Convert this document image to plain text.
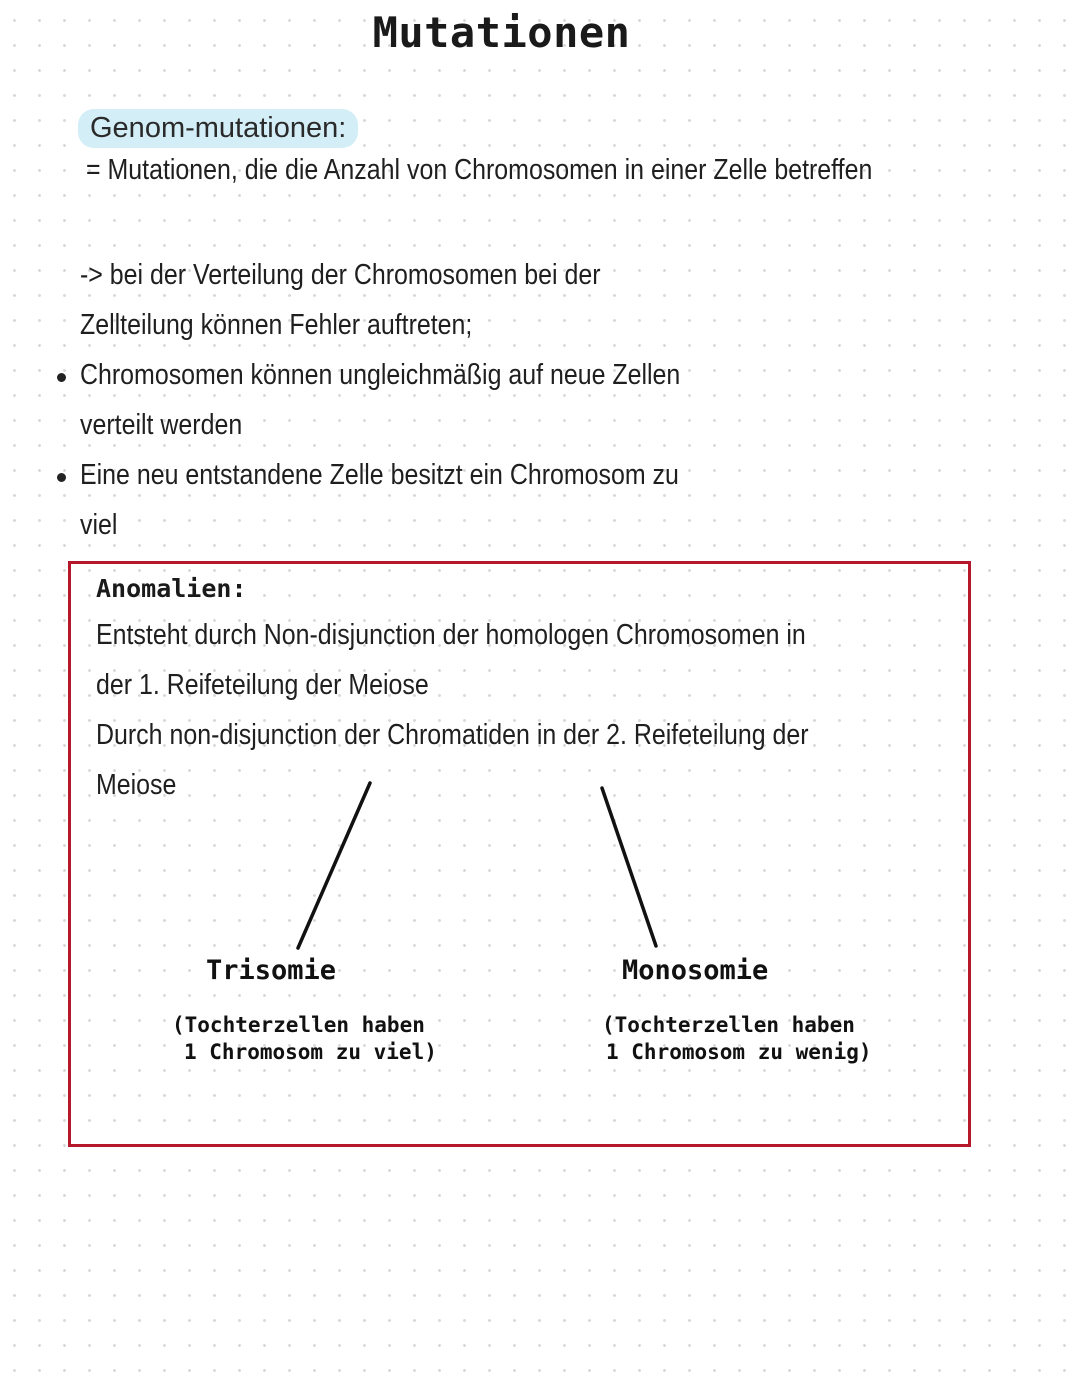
Mutationen
Genom-mutationen:
= Mutationen, die die Anzahl von Chromosomen in einer Zelle betreffen
-> bei der Verteilung der Chromosomen bei der
Zellteilung können Fehler auftreten;
Chromosomen können ungleichmäßig auf neue Zellen
verteilt werden
Eine neu entstandene Zelle besitzt ein Chromosom zu
viel
Anomalien:
Entsteht durch Non-disjunction der homologen Chromosomen in
der 1. Reifeteilung der Meiose
Durch non-disjunction der Chromatiden in der 2. Reifeteilung der
Meiose
Trisomie
(Tochterzellen haben
1 Chromosom zu viel)
Monosomie
(Tochterzellen haben
1 Chromosom zu wenig)
